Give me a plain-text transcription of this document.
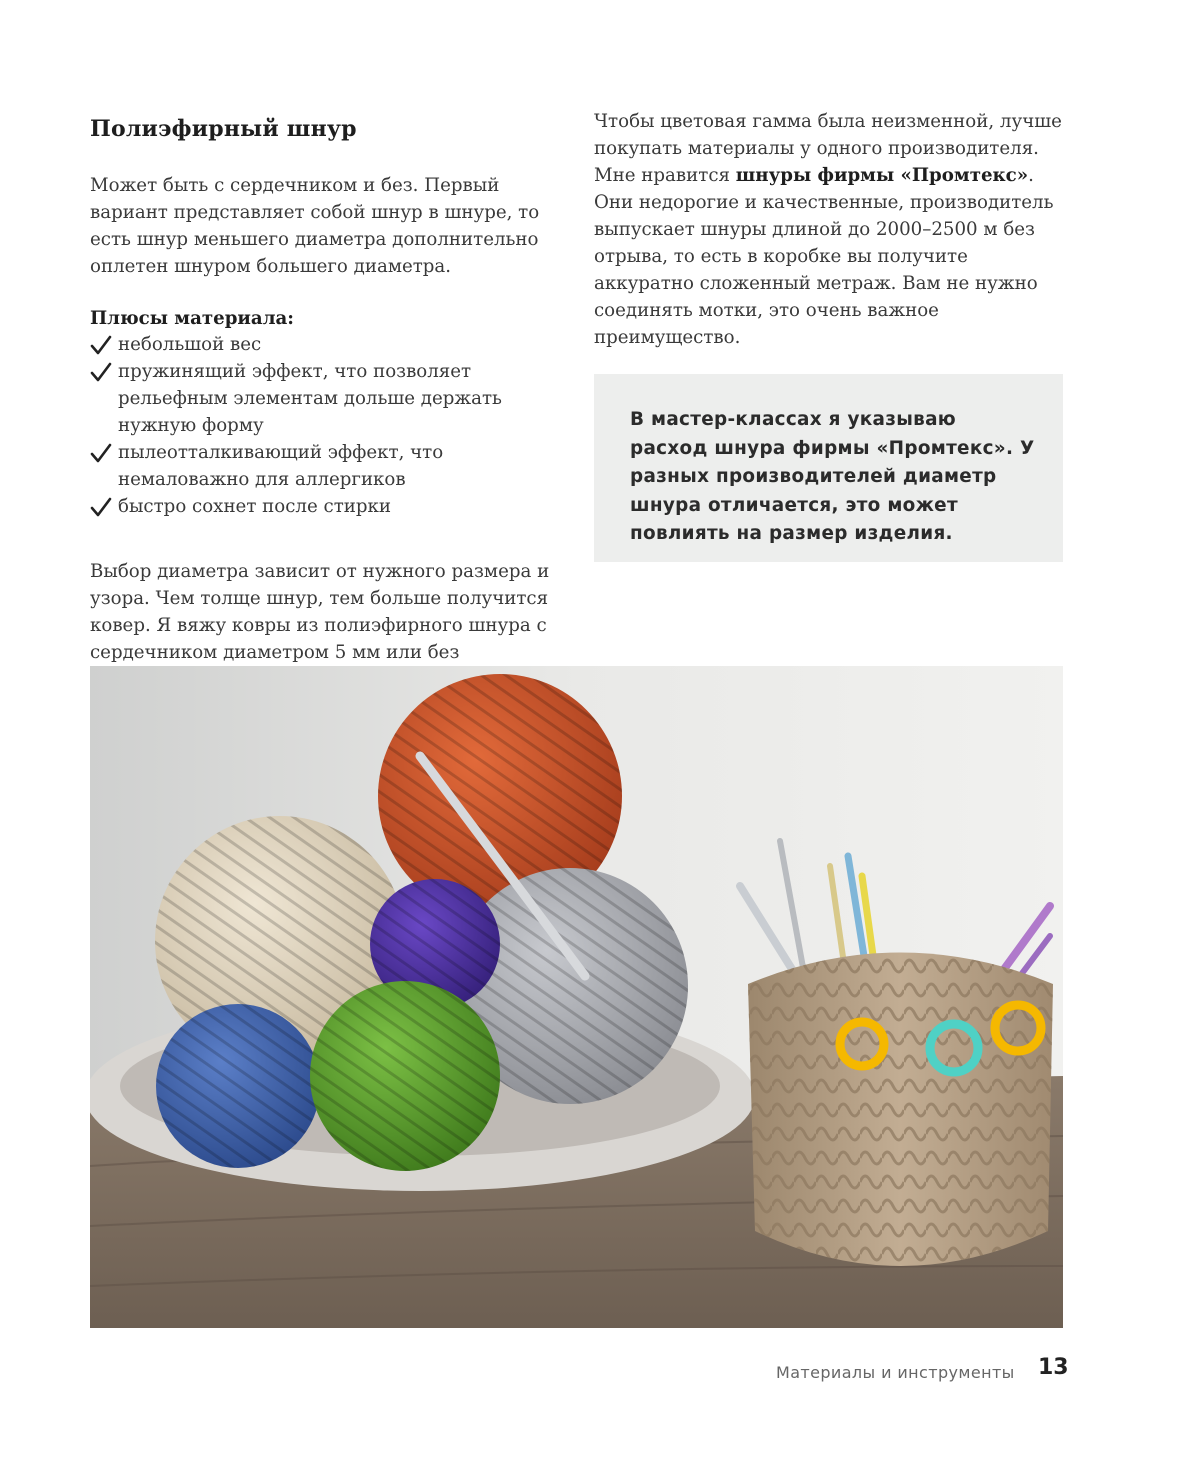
Полиэфирный шнур

Может быть с сердечником и без. Первый вариант представляет собой шнур в шнуре, то есть шнур меньшего диаметра дополнительно оплетен шнуром большего диаметра.

Плюсы материала:
небольшой вес
пружинящий эффект, что позволяет рельефным элементам дольше держать нужную форму
пылеотталкивающий эффект, что немаловажно для аллергиков
быстро сохнет после стирки

Выбор диаметра зависит от нужного размера и узора. Чем толще шнур, тем больше получится ковер. Я вяжу ковры из полиэфирного шнура с сердечником диаметром 5 мм или без

Чтобы цветовая гамма была неизменной, лучше покупать материалы у одного производителя. Мне нравится шнуры фирмы «Промтекс». Они недорогие и качественные, производитель выпускает шнуры длиной до 2000–2500 м без отрыва, то есть в коробке вы получите аккуратно сложенный метраж. Вам не нужно соединять мотки, это очень важное преимущество.

В мастер-классах я указываю расход шнура фирмы «Промтекс». У разных производителей диаметр шнура отличается, это может повлиять на размер изделия.

Материалы и инструменты 13
